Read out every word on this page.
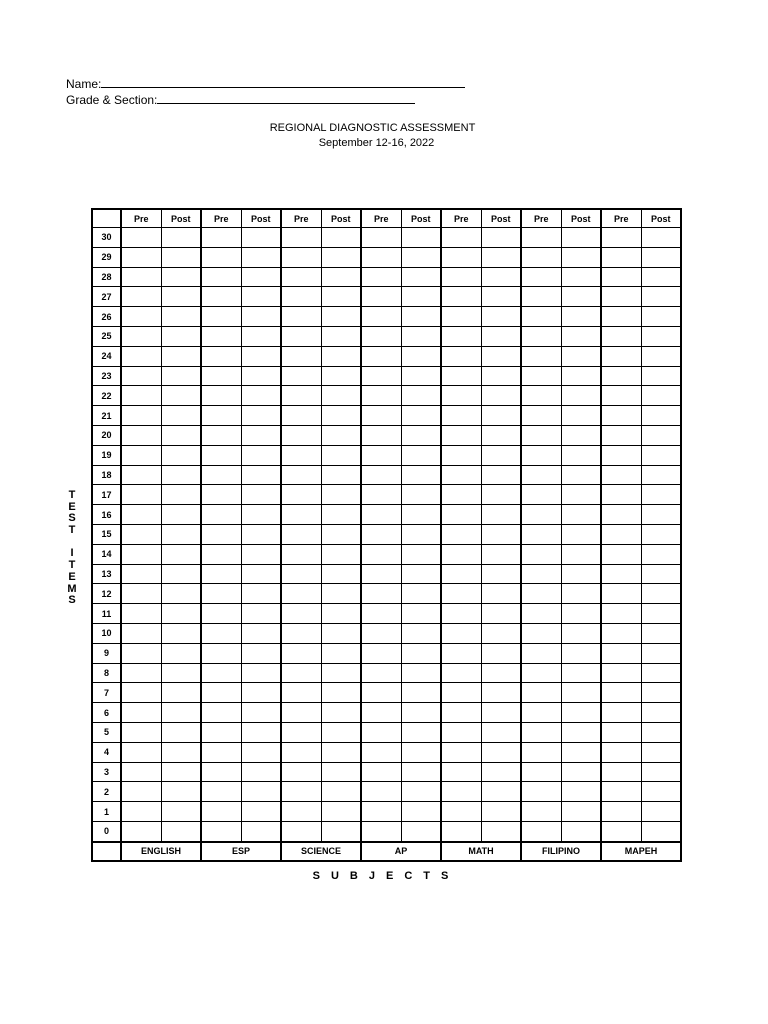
Name:
Grade & Section:
REGIONAL DIAGNOSTIC ASSESSMENT
September 12-16, 2022
T
E
S
T

I
T
E
M
S
	Pre	Post	Pre	Post	Pre	Post	Pre	Post	Pre	Post	Pre	Post	Pre	Post
30														
29														
28														
27														
26														
25														
24														
23														
22														
21														
20														
19														
18														
17														
16														
15														
14														
13														
12														
11														
10														
9														
8														
7														
6														
5														
4														
3														
2														
1														
0														
	ENGLISH		ESP		SCIENCE		AP		MATH		FILIPINO		MAPEH	
SUBJECTS
